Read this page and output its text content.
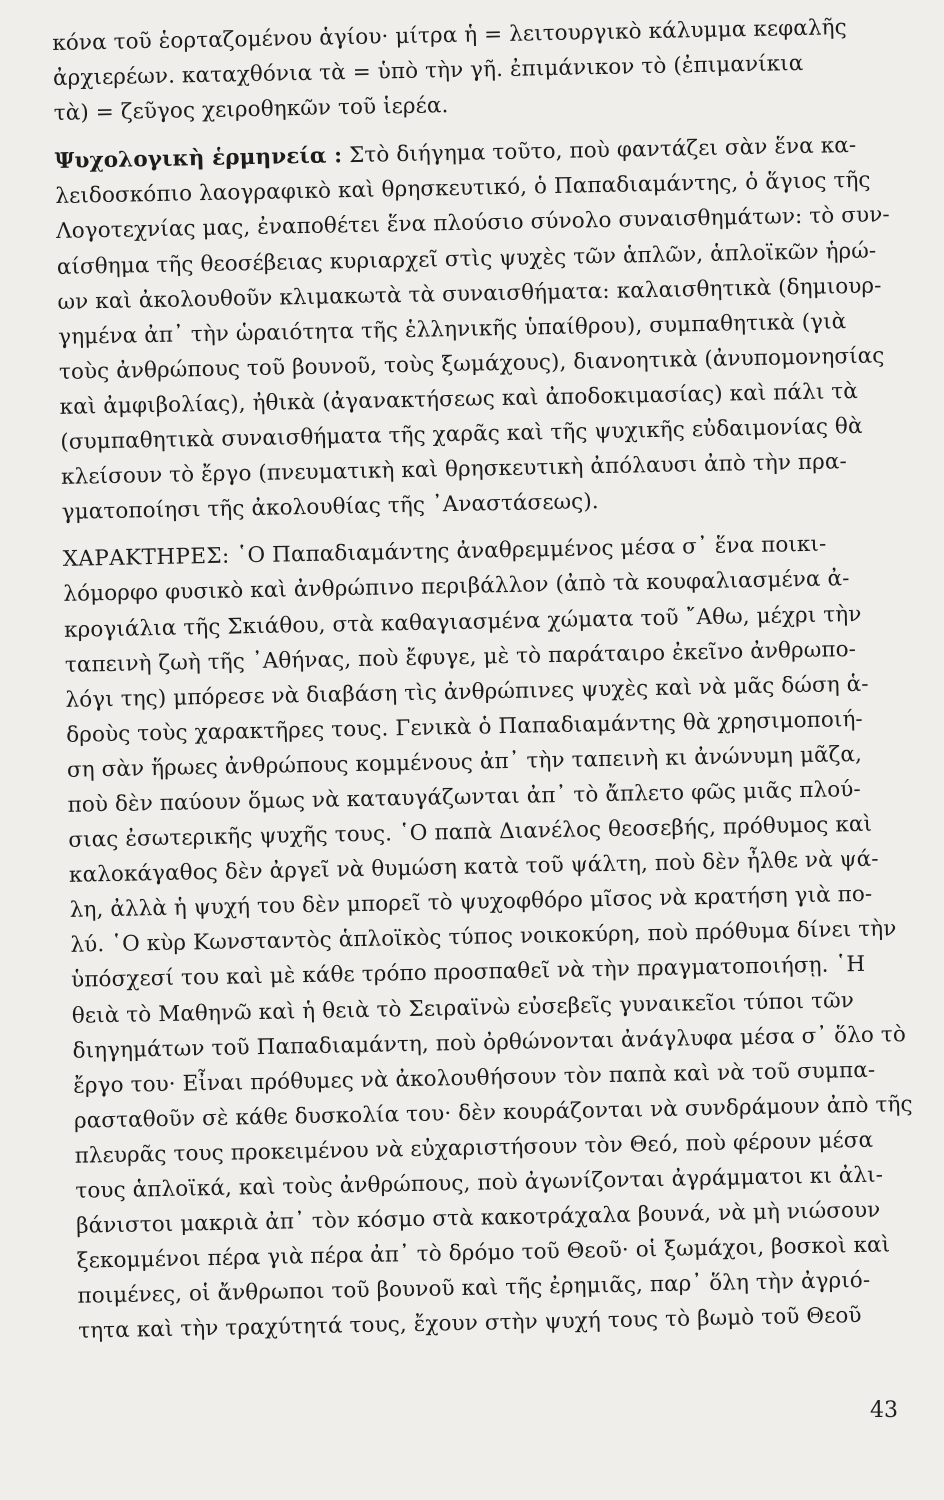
κόνα τοῦ ἑορταζομένου ἁγίου· μίτρα ἡ = λειτουργικὸ κάλυμμα κεφαλῆς
ἀρχιερέων. καταχθόνια τὰ = ὑπὸ τὴν γῆ. ἐπιμάνικον τὸ (ἐπιμανίκια
τὰ) = ζεῦγος χειροθηκῶν τοῦ ἱερέα.
Ψυχολογικὴ ἑρμηνεία : Στὸ διήγημα τοῦτο, ποὺ φαντάζει σὰν ἕνα κα-
λειδοσκόπιο λαογραφικὸ καὶ θρησκευτικό, ὁ Παπαδιαμάντης, ὁ ἅγιος τῆς
Λογοτεχνίας μας, ἐναποθέτει ἕνα πλούσιο σύνολο συναισθημάτων: τὸ συν-
αίσθημα τῆς θεοσέβειας κυριαρχεῖ στὶς ψυχὲς τῶν ἁπλῶν, ἁπλοϊκῶν ἡρώ-
ων καὶ ἀκολουθοῦν κλιμακωτὰ τὰ συναισθήματα: καλαισθητικὰ (δημιουρ-
γημένα ἀπ᾿ τὴν ὡραιότητα τῆς ἑλληνικῆς ὑπαίθρου), συμπαθητικὰ (γιὰ
τοὺς ἀνθρώπους τοῦ βουνοῦ, τοὺς ξωμάχους), διανοητικὰ (ἀνυπομονησίας
καὶ ἀμφιβολίας), ἠθικὰ (ἀγανακτήσεως καὶ ἀποδοκιμασίας) καὶ πάλι τὰ
(συμπαθητικὰ συναισθήματα τῆς χαρᾶς καὶ τῆς ψυχικῆς εὐδαιμονίας θὰ
κλείσουν τὸ ἔργο (πνευματικὴ καὶ θρησκευτικὴ ἀπόλαυσι ἀπὸ τὴν πρα-
γματοποίησι τῆς ἀκολουθίας τῆς ᾿Αναστάσεως).
ΧΑΡΑΚΤΗΡΕΣ: ῾Ο Παπαδιαμάντης ἀναθρεμμένος μέσα σ᾿ ἕνα ποικι-
λόμορφο φυσικὸ καὶ ἀνθρώπινο περιβάλλον (ἀπὸ τὰ κουφαλιασμένα ἀ-
κρογιάλια τῆς Σκιάθου, στὰ καθαγιασμένα χώματα τοῦ ῎Αθω, μέχρι τὴν
ταπεινὴ ζωὴ τῆς ᾿Αθήνας, ποὺ ἔφυγε, μὲ τὸ παράταιρο ἐκεῖνο ἀνθρωπο-
λόγι της) μπόρεσε νὰ διαβάση τὶς ἀνθρώπινες ψυχὲς καὶ νὰ μᾶς δώση ἁ-
δροὺς τοὺς χαρακτῆρες τους. Γενικὰ ὁ Παπαδιαμάντης θὰ χρησιμοποιή-
ση σὰν ἥρωες ἀνθρώπους κομμένους ἀπ᾿ τὴν ταπεινὴ κι ἀνώνυμη μᾶζα,
ποὺ δὲν παύουν ὅμως νὰ καταυγάζωνται ἀπ᾿ τὸ ἄπλετο φῶς μιᾶς πλού-
σιας ἐσωτερικῆς ψυχῆς τους. ῾Ο παπὰ Διανέλος θεοσεβής, πρόθυμος καὶ
καλοκάγαθος δὲν ἀργεῖ νὰ θυμώση κατὰ τοῦ ψάλτη, ποὺ δὲν ἦλθε νὰ ψά-
λη, ἀλλὰ ἡ ψυχή του δὲν μπορεῖ τὸ ψυχοφθόρο μῖσος νὰ κρατήση γιὰ πο-
λύ. ῾Ο κὺρ Κωνσταντὸς ἁπλοϊκὸς τύπος νοικοκύρη, ποὺ πρόθυμα δίνει τὴν
ὑπόσχεσί του καὶ μὲ κάθε τρόπο προσπαθεῖ νὰ τὴν πραγματοποιήσῃ. ῾Η
θειὰ τὸ Μαθηνῶ καὶ ἡ θειὰ τὸ Σειραϊνὼ εὐσεβεῖς γυναικεῖοι τύποι τῶν
διηγημάτων τοῦ Παπαδιαμάντη, ποὺ ὀρθώνονται ἀνάγλυφα μέσα σ᾿ ὅλο τὸ
ἔργο του· Εἶναι πρόθυμες νὰ ἀκολουθήσουν τὸν παπὰ καὶ νὰ τοῦ συμπα-
ρασταθοῦν σὲ κάθε δυσκολία του· δὲν κουράζονται νὰ συνδράμουν ἀπὸ τῆς
πλευρᾶς τους προκειμένου νὰ εὐχαριστήσουν τὸν Θεό, ποὺ φέρουν μέσα
τους ἁπλοϊκά, καὶ τοὺς ἀνθρώπους, ποὺ ἀγωνίζονται ἀγράμματοι κι ἀλι-
βάνιστοι μακριὰ ἀπ᾿ τὸν κόσμο στὰ κακοτράχαλα βουνά, νὰ μὴ νιώσουν
ξεκομμένοι πέρα γιὰ πέρα ἀπ᾿ τὸ δρόμο τοῦ Θεοῦ· οἱ ξωμάχοι, βοσκοὶ καὶ
ποιμένες, οἱ ἄνθρωποι τοῦ βουνοῦ καὶ τῆς ἐρημιᾶς, παρ᾿ ὅλη τὴν ἀγριό-
τητα καὶ τὴν τραχύτητά τους, ἔχουν στὴν ψυχή τους τὸ βωμὸ τοῦ Θεοῦ
43
